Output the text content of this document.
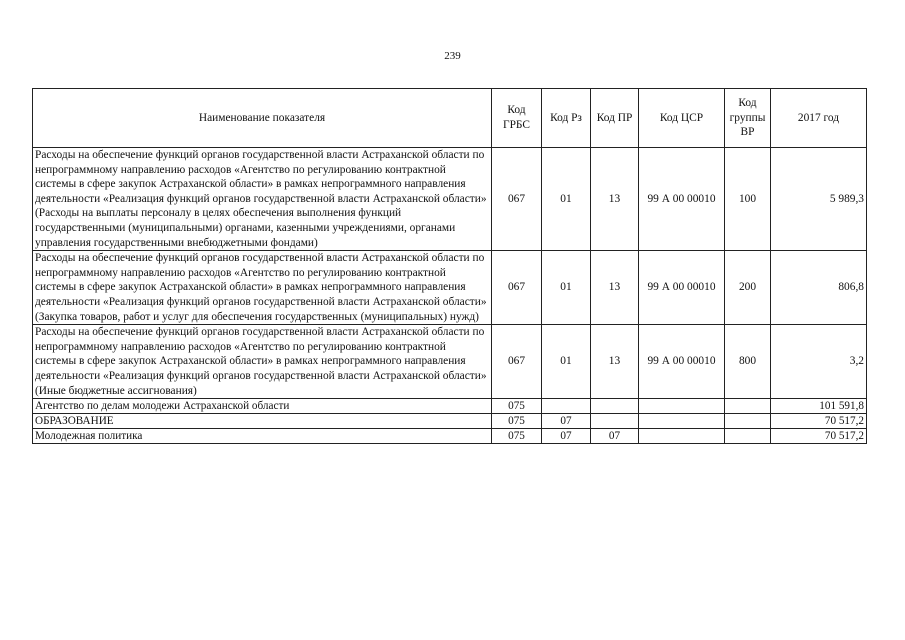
239
Наименование показателя	Код ГРБС	Код Рз	Код ПР	Код ЦСР	Код группы ВР	2017 год
Расходы на обеспечение функций органов государственной власти Астраханской области по непрограммному направлению расходов «Агентство по регулированию контрактной системы в сфере закупок Астраханской области» в рамках непрограммного направления деятельности «Реализация функций органов государственной власти Астраханской области» (Расходы на выплаты персоналу в целях обеспечения выполнения функций государственными (муниципальными) органами, казенными учреждениями, органами управления государственными внебюджетными фондами)	067	01	13	99 А 00 00010	100	5 989,3
Расходы на обеспечение функций органов государственной власти Астраханской области по непрограммному направлению расходов «Агентство по регулированию контрактной системы в сфере закупок Астраханской области» в рамках непрограммного направления деятельности «Реализация функций органов государственной власти Астраханской области» (Закупка товаров, работ и услуг для обеспечения государственных (муниципальных) нужд)	067	01	13	99 А 00 00010	200	806,8
Расходы на обеспечение функций органов государственной власти Астраханской области по непрограммному направлению расходов «Агентство по регулированию контрактной системы в сфере закупок Астраханской области» в рамках непрограммного направления деятельности «Реализация функций органов государственной власти Астраханской области» (Иные бюджетные ассигнования)	067	01	13	99 А 00 00010	800	3,2
Агентство по делам молодежи Астраханской области	075					101 591,8
ОБРАЗОВАНИЕ	075	07				70 517,2
Молодежная политика	075	07	07			70 517,2
